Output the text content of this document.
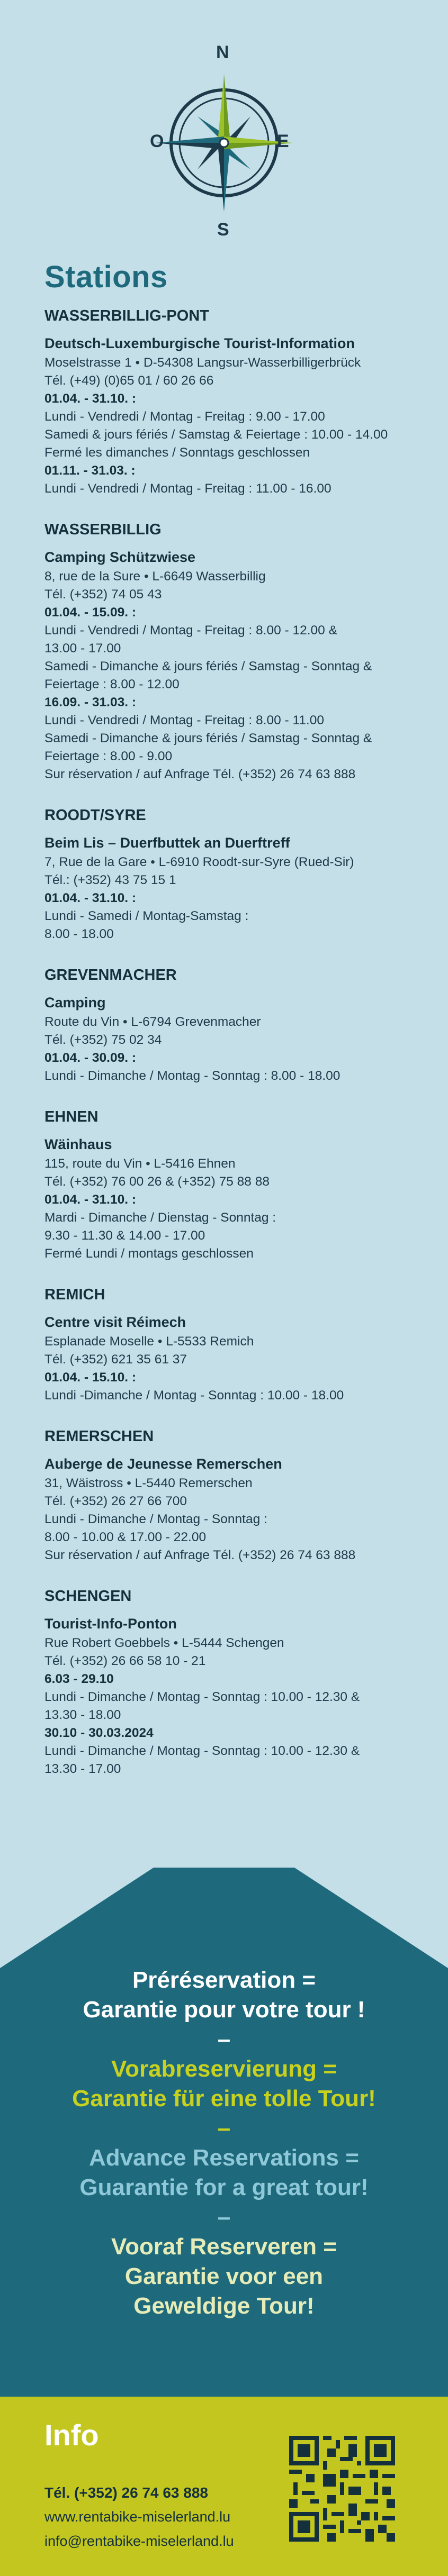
N
E
S
O
Stations
WASSERBILLIG-PONT
Deutsch-Luxemburgische Tourist-Information
Moselstrasse 1 • D-54308 Langsur-Wasserbilligerbrück
Tél. (+49) (0)65 01 / 60 26 66
01.04. - 31.10. :
Lundi - Vendredi / Montag - Freitag : 9.00 - 17.00
Samedi & jours fériés / Samstag & Feiertage : 10.00 - 14.00
Fermé les dimanches / Sonntags geschlossen
01.11. - 31.03. :
Lundi - Vendredi / Montag - Freitag : 11.00 - 16.00
WASSERBILLIG
Camping Schützwiese
8, rue de la Sure • L-6649 Wasserbillig
Tél. (+352) 74 05 43
01.04. - 15.09. :
Lundi - Vendredi / Montag - Freitag : 8.00 - 12.00 &
13.00 - 17.00
Samedi - Dimanche & jours fériés / Samstag - Sonntag &
Feiertage : 8.00 - 12.00
16.09. - 31.03. :
Lundi - Vendredi / Montag - Freitag : 8.00 - 11.00
Samedi - Dimanche & jours fériés / Samstag - Sonntag &
Feiertage : 8.00 - 9.00
Sur réservation / auf Anfrage Tél. (+352) 26 74 63 888
ROODT/SYRE
Beim Lis – Duerfbuttek an Duerftreff
7, Rue de la Gare • L-6910 Roodt-sur-Syre (Rued-Sir)
Tél.: (+352) 43 75 15 1
01.04. - 31.10. :
Lundi - Samedi / Montag-Samstag :
8.00 - 18.00
GREVENMACHER
Camping
Route du Vin • L-6794 Grevenmacher
Tél. (+352) 75 02 34
01.04. - 30.09. :
Lundi - Dimanche / Montag - Sonntag : 8.00 - 18.00
EHNEN
Wäinhaus
115, route du Vin • L-5416 Ehnen
Tél. (+352) 76 00 26 & (+352) 75 88 88
01.04. - 31.10. :
Mardi - Dimanche / Dienstag - Sonntag :
9.30 - 11.30 & 14.00 - 17.00
Fermé Lundi / montags geschlossen
REMICH
Centre visit Réimech
Esplanade Moselle • L-5533 Remich
Tél. (+352) 621 35 61 37
01.04. - 15.10. :
Lundi -Dimanche / Montag - Sonntag : 10.00 - 18.00
REMERSCHEN
Auberge de Jeunesse Remerschen
31, Wäistross • L-5440 Remerschen
Tél. (+352) 26 27 66 700
Lundi - Dimanche / Montag - Sonntag :
8.00 - 10.00 & 17.00 - 22.00
Sur réservation / auf Anfrage Tél. (+352) 26 74 63 888
SCHENGEN
Tourist-Info-Ponton
Rue Robert Goebbels • L-5444 Schengen
Tél. (+352) 26 66 58 10 - 21
6.03 - 29.10
Lundi - Dimanche / Montag - Sonntag : 10.00 - 12.30 &
13.30 - 18.00
30.10 - 30.03.2024
Lundi - Dimanche / Montag - Sonntag : 10.00 - 12.30 &
13.30 - 17.00
Préréservation =
Garantie pour votre tour !
–
Vorabreservierung =
Garantie für eine tolle Tour!
–
Advance Reservations =
Guarantie for a great tour!
–
Vooraf Reserveren =
Garantie voor een
Geweldige Tour!
Info
Tél. (+352) 26 74 63 888
www.rentabike-miselerland.lu
info@rentabike-miselerland.lu
